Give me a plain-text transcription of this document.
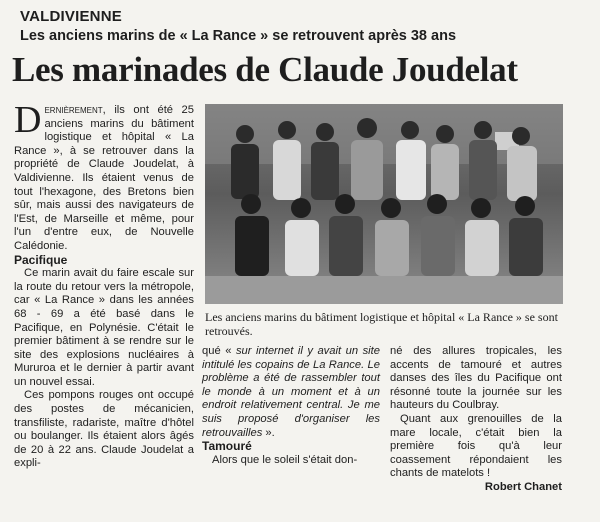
VALDIVIENNE
Les anciens marins de « La Rance » se retrouvent après 38 ans
Les marinades de Claude Joudelat

Dernièrement, ils ont été 25 anciens marins du bâtiment logistique et hôpital « La Rance », à se retrouver dans la propriété de Claude Joudelat, à Valdivienne. Ils étaient venus de tout l'hexagone, des Bretons bien sûr, mais aussi des navigateurs de l'Est, de Marseille et même, pour l'un d'entre eux, de Nouvelle Calédonie.

Pacifique

Ce marin avait du faire escale sur la route du retour vers la métropole, car « La Rance » dans les années 68 - 69 a été basé dans le Pacifique, en Polynésie. C'était le premier bâtiment à se rendre sur le site des explosions nucléaires à Mururoa et le dernier à partir avant un nouvel essai.

Ces pompons rouges ont occupé des postes de mécanicien, transfiliste, radariste, maître d'hôtel ou boulanger. Ils étaient alors âgés de 20 à 22 ans. Claude Joudelat a expli-

Les anciens marins du bâtiment logistique et hôpital « La Rance » se sont retrouvés.

qué « sur internet il y avait un site intitulé les copains de La Rance. Le problème a été de rassembler tout le monde à un moment et à un endroit relativement central. Je me suis proposé d'organiser les retrouvailles ».

Tamouré

Alors que le soleil s'était don-

né des allures tropicales, les accents de tamouré et autres danses des îles du Pacifique ont résonné toute la journée sur les hauteurs du Coulbray.

Quant aux grenouilles de la mare locale, c'était bien la première fois qu'à leur coassement répondaient les chants de matelots !

Robert Chanet
